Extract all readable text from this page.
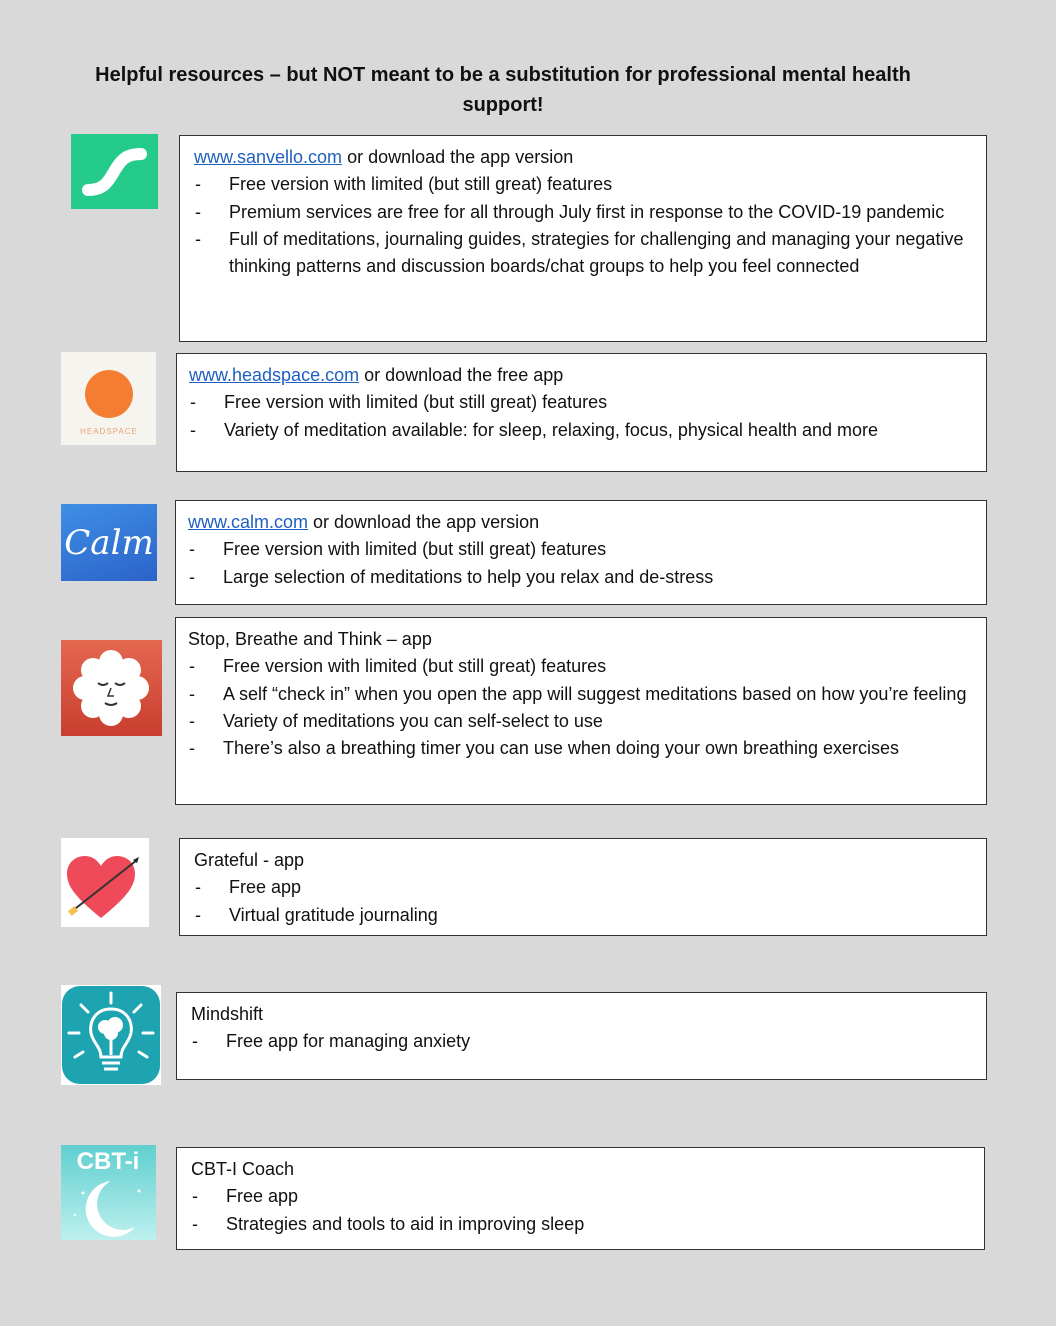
Helpful resources – but NOT meant to be a substitution for professional mental health support!
www.sanvello.com or download the app version
- Free version with limited (but still great) features
- Premium services are free for all through July first in response to the COVID-19 pandemic
- Full of meditations, journaling guides, strategies for challenging and managing your negative thinking patterns and discussion boards/chat groups to help you feel connected
HEADSPACE
www.headspace.com or download the free app
- Free version with limited (but still great) features
- Variety of meditation available: for sleep, relaxing, focus, physical health and more
Calm
www.calm.com or download the app version
- Free version with limited (but still great) features
- Large selection of meditations to help you relax and de-stress
Stop, Breathe and Think – app
- Free version with limited (but still great) features
- A self “check in” when you open the app will suggest meditations based on how you’re feeling
- Variety of meditations you can self-select to use
- There’s also a breathing timer you can use when doing your own breathing exercises
Grateful - app
- Free app
- Virtual gratitude journaling
Mindshift
- Free app for managing anxiety
CBT-i	CBT-I Coach
- Free app
- Strategies and tools to aid in improving sleep
